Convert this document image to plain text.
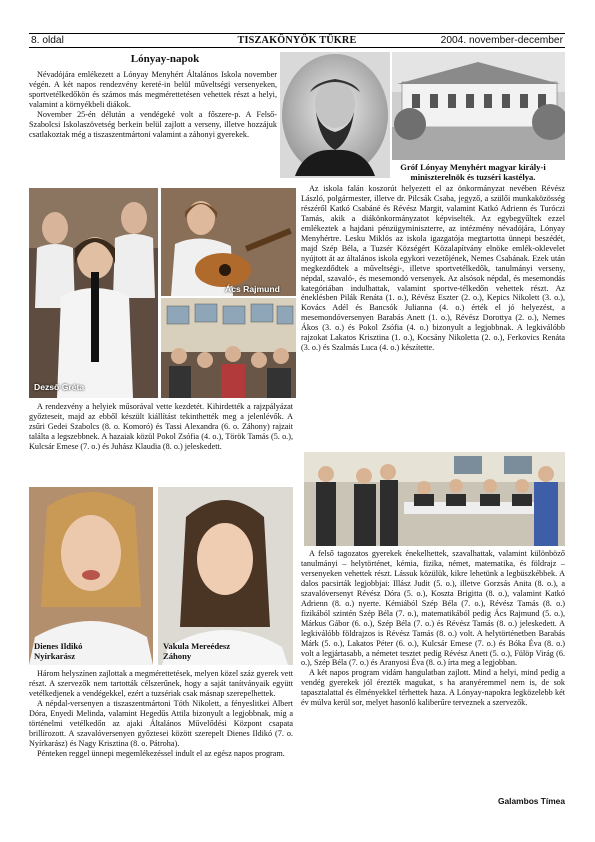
8. oldal	TISZAKÖNYÖK TÜKRE	2004. november-december
Lónyay-napok

Névadójára emlékezett a Lónyay Menyhért Általános Iskola november végén. A két napos rendezvény kereté-in belül műveltségi versenyeken, sportvetélkedőkön és számos más megmérettetésen vehettek részt a helyi, valamint a környékbeli diákok.

November 25-én délután a vendégeké volt a főszere-p. A Felső-Szabolcsi Iskolaszövetség berkein belül zajlott a verseny, illetve hozzájuk csatlakoztak még a tiszaszentmártoni valamint a záhonyi gyerekek.

Gróf Lónyay Menyhért magyar király-i miniszterelnök és tuzséri kastélya.

Az iskola falán koszorút helyezett el az önkormányzat nevében Révész László, polgármester, illetve dr. Pilcsák Csaba, jegyző, a szülői munkaközösség részéről Katkó Csabáné és Révész Margit, valamint Katkó Adrienn és Turóczi Tamás, akik a diákönkormányzatot képviselték. Az egybegyűltek ezzel emlékeztek a hajdani pénzügyminiszterre, az intézmény névadójára, Lónyay Menyhértre. Lesku Miklós az iskola igazgatója megtartotta ünnepi beszédét, majd Szép Béla, a Tuzsér Községért Közalapítvány elnöke emlék-oklevelet nyújtott át az általános iskola egykori vezetőjének, Nemes Csabának. Ezek után megkezdődtek a műveltségi-, illetve sportvetélkedők, tanulmányi verseny, népdal, szavaló-, és mesemondó versenyek. Az alsósok népdal, és mesemondás kategóriában indulhattak, valamint sportve-télkedőn vehettek részt. Az éneklésben Pilák Renáta (1. o.), Révész Eszter (2. o.), Kepics Nikolett (3. o.), Kovács Adél és Bancsók Julianna (4. o.) érték el jó helyezést, a mesemondóversenyen Barabás Anett (1. o.), Révész Dorottya (2. o.), Nemes Ákos (3. o.) és Pokol Zsófia (4. o.) bizonyult a legjobbnak. A legkiválóbb rajzokat Lakatos Krisztina (1. o.), Kocsány Nikoletta (2. o.), Ferkovics Renáta (3. o.) és Szalmás Luca (4. o.) készítette.

Dezső Gréta
Ács Rajmund

A rendezvény a helyiek műsorával vette kezdetét. Kihirdették a rajzpályázat győzteseit, majd az ebből készült kiállítást tekinthették meg a jelenlévők. A zsűri Gedei Szabolcs (8. o. Komoró) és Tassi Alexandra (6. o. Záhony) rajzait találta a legszebbnek. A hazaiak közül Pokol Zsófia (4. o.), Török Tamás (5. o.), Kulcsár Emese (7. o.) és Juhász Klaudia (8. o.) jeleskedett.

Dienes Ildikó
Nyírkarász
Vakula Mereédesz
Záhony

Három helyszínen zajlottak a megmérettetések, melyen közel száz gyerek vett részt. A szervezők nem tartották célszerűnek, hogy a saját tanítványaik együtt vetélkedjenek a vendégekkel, ezért a tuzsériak csak másnap szerepelhettek.

A népdal-versenyen a tiszaszentmártoni Tóth Nikolett, a fényeslitkei Albert Dóra, Enyedi Melinda, valamint Hegedűs Attila bizonyult a legjobbnak, míg a történelmi vetélkedőn az ajaki Általános Művelődési Központ csapata brillírozott. A szavalóversenyen győztesei között szerepelt Dienes Ildikó (7. o. Nyírkarász) és Nagy Krisztina (8. o. Pátroha).

Pénteken reggel ünnepi megemlékezéssel indult el az egész napos program.

A felső tagozatos gyerekek énekelhettek, szavalhattak, valamint különböző tanulmányi – helytörténet, kémia, fizika, német, matematika, és földrajz – versenyeken vehettek részt. Lássuk közülük, kikre lehetünk a legbüszkébbek. A dalos pacsirták legjobbjai: Illász Judit (5. o.), illetve Gorzsás Anita (8. o.), a szavalóversenyt Révész Dóra (5. o.), Koszta Brigitta (8. o.), valamint Katkó Adrienn (8. o.) nyerte. Kémiából Szép Béla (7. o.), Révész Tamás (8. o.) fizikából szintén Szép Béla (7. o.), matematikából pedig Ács Rajmund (5. o.), Márkus Gábor (6. o.), Szép Béla (7. o.) és Révész Tamás (8. o.) jeleskedett. A legkiválóbb földrajzos is Révész Tamás (8. o.) volt. A helytörténetben Barabás Márk (5. o.), Lakatos Péter (6. o.), Kulcsár Emese (7. o.) és Bóka Éva (8. o.) volt a legjártasabb, a németet tesztet pedig Révész Anett (5. o.), Fülöp Virág (6. o.), Szép Béla (7. o.) és Aranyosi Éva (8. o.) írta meg a legjobban.

A két napos program vidám hangulatban zajlott. Mind a helyi, mind pedig a vendég gyerekek jól érezték magukat, s ha aranyéremmel nem is, de sok tapasztalattal és élményekkel térhettek haza. A Lónyay-napokra legközelebb két év múlva kerül sor, melyet hasonló kaliberűre terveznek a szervezők.

Galambos Tímea
